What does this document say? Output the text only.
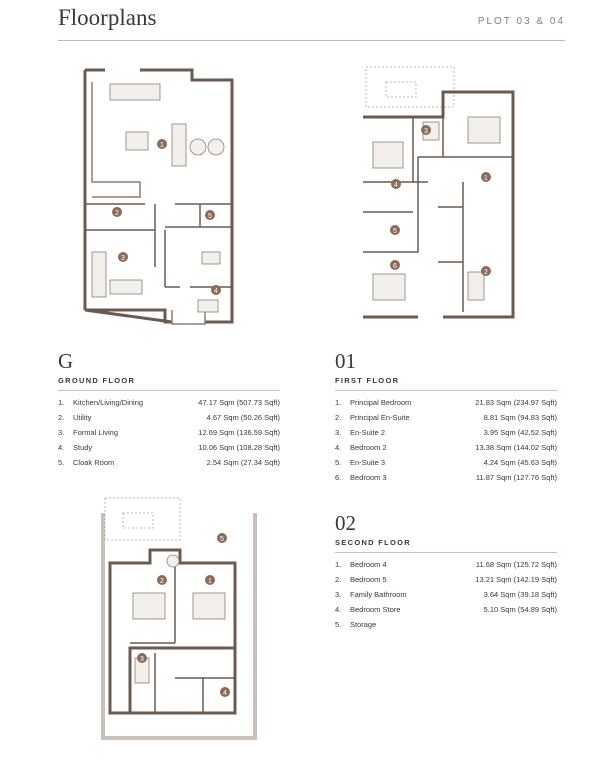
Floorplans	PLOT 03 & 04
1
2
3
4
5
1
2
3
4
5
6
1
2
3
4
5
G
GROUND FLOOR
1. Kitchen/Living/Dining	47.17 Sqm (507.73 Sqft)
2. Utility	4.67 Sqm (50.26 Sqft)
3. Formal Living	12.69 Sqm (136.59 Sqft)
4. Study	10.06 Sqm (108.28 Sqft)
5. Cloak Room	2.54 Sqm (27.34 Sqft)
01
FIRST FLOOR
1. Principal Bedroom	21.83 Sqm (234.97 Sqft)
2. Principal En-Suite	8.81 Sqm (94.83 Sqft)
3. En-Suite 2	3.95 Sqm (42.52 Sqft)
4. Bedroom 2	13.38 Sqm (144.02 Sqft)
5. En-Suite 3	4.24 Sqm (45.63 Sqft)
6. Bedroom 3	11.87 Sqm (127.76 Sqft)
02
SECOND FLOOR
1. Bedroom 4	11.68 Sqm (125.72 Sqft)
2. Bedroom 5	13.21 Sqm (142.19 Sqft)
3. Family Bathroom	3.64 Sqm (39.18 Sqft)
4. Bedroom Store	5.10 Sqm (54.89 Sqft)
5. Storage
